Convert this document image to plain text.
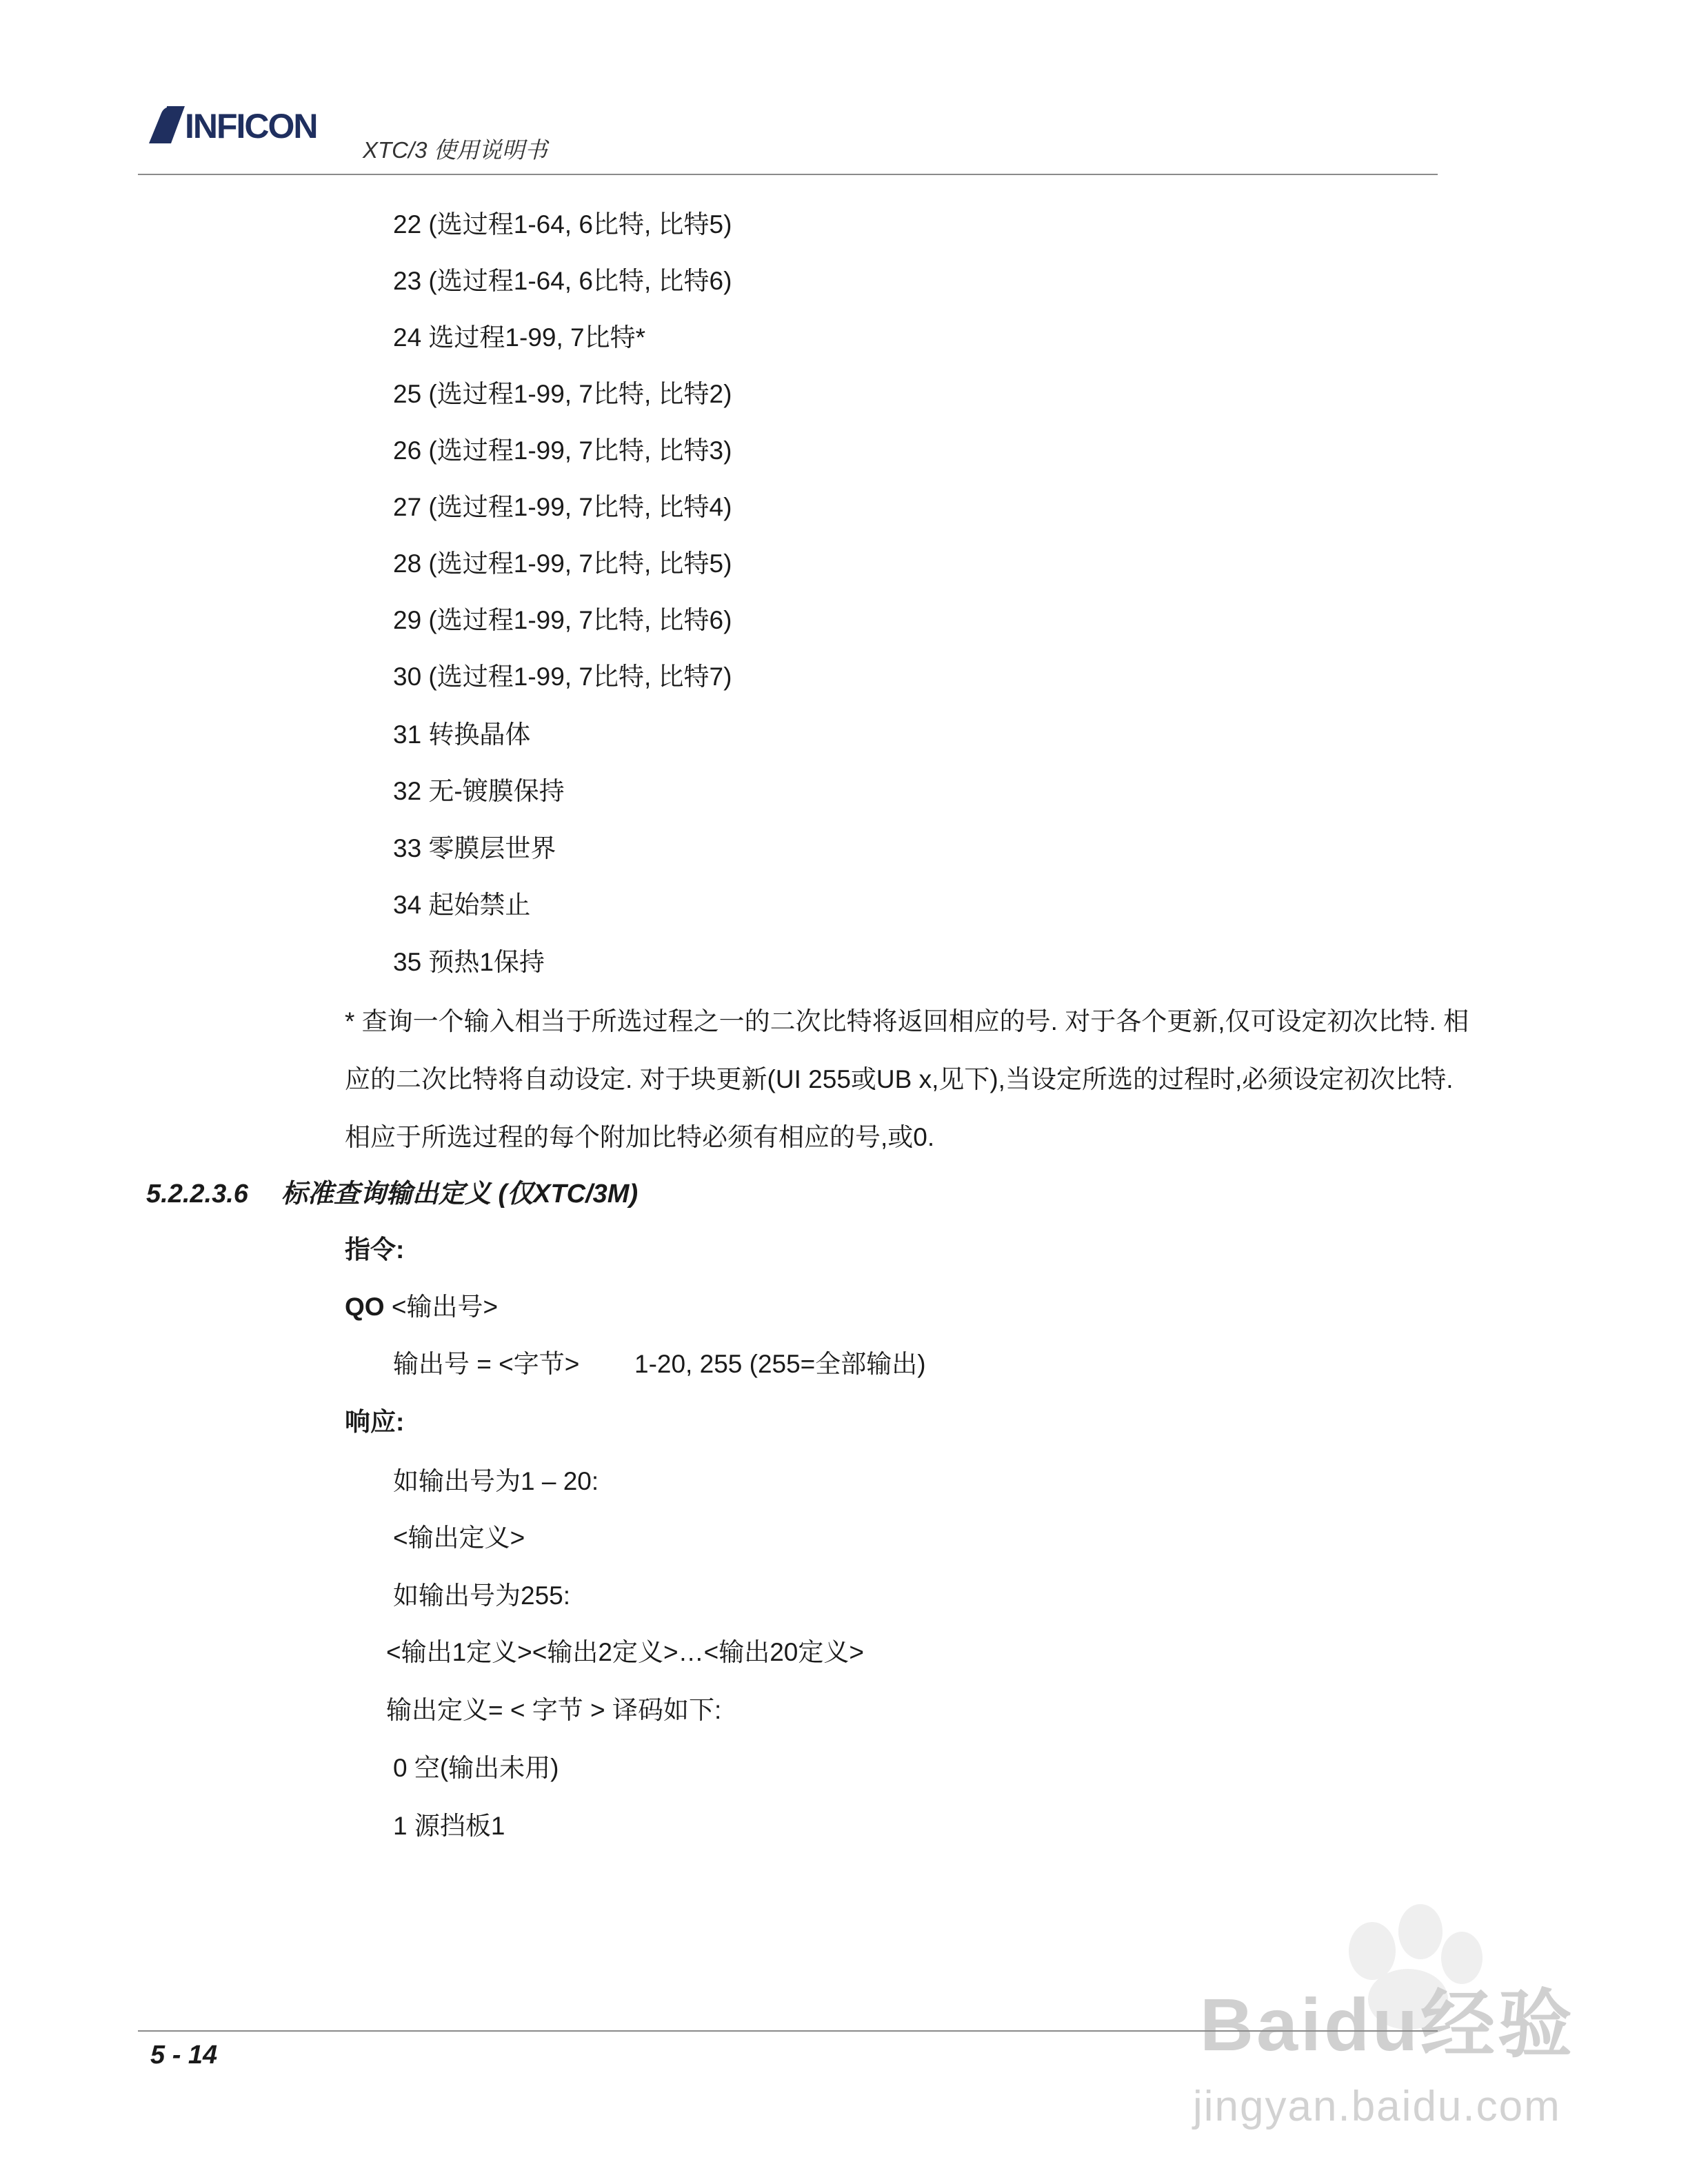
INFICON
XTC/3 使用说明书
22 (选过程1-64, 6比特, 比特5)
23 (选过程1-64, 6比特, 比特6)
24 选过程1-99, 7比特*
25 (选过程1-99, 7比特, 比特2)
26 (选过程1-99, 7比特, 比特3)
27 (选过程1-99, 7比特, 比特4)
28 (选过程1-99, 7比特, 比特5)
29 (选过程1-99, 7比特, 比特6)
30 (选过程1-99, 7比特, 比特7)
31 转换晶体
32 无-镀膜保持
33 零膜层世界
34 起始禁止
35 预热1保持
* 查询一个输入相当于所选过程之一的二次比特将返回相应的号. 对于各个更新,仅可设定初次比特. 相应的二次比特将自动设定. 对于块更新(UI 255或UB x,见下),当设定所选的过程时,必须设定初次比特.相应于所选过程的每个附加比特必须有相应的号,或0.
5.2.2.3.6 标准查询输出定义 (仅XTC/3M)
指令:
QO <输出号>
输出号 = <字节> 1-20, 255 (255=全部输出)
响应:
如输出号为1 – 20:
<输出定义>
如输出号为255:
<输出1定义><输出2定义>…<输出20定义>
输出定义= < 字节 > 译码如下:
0 空(输出未用)
1 源挡板1
Baidu经验
jingyan.baidu.com
5 - 14
